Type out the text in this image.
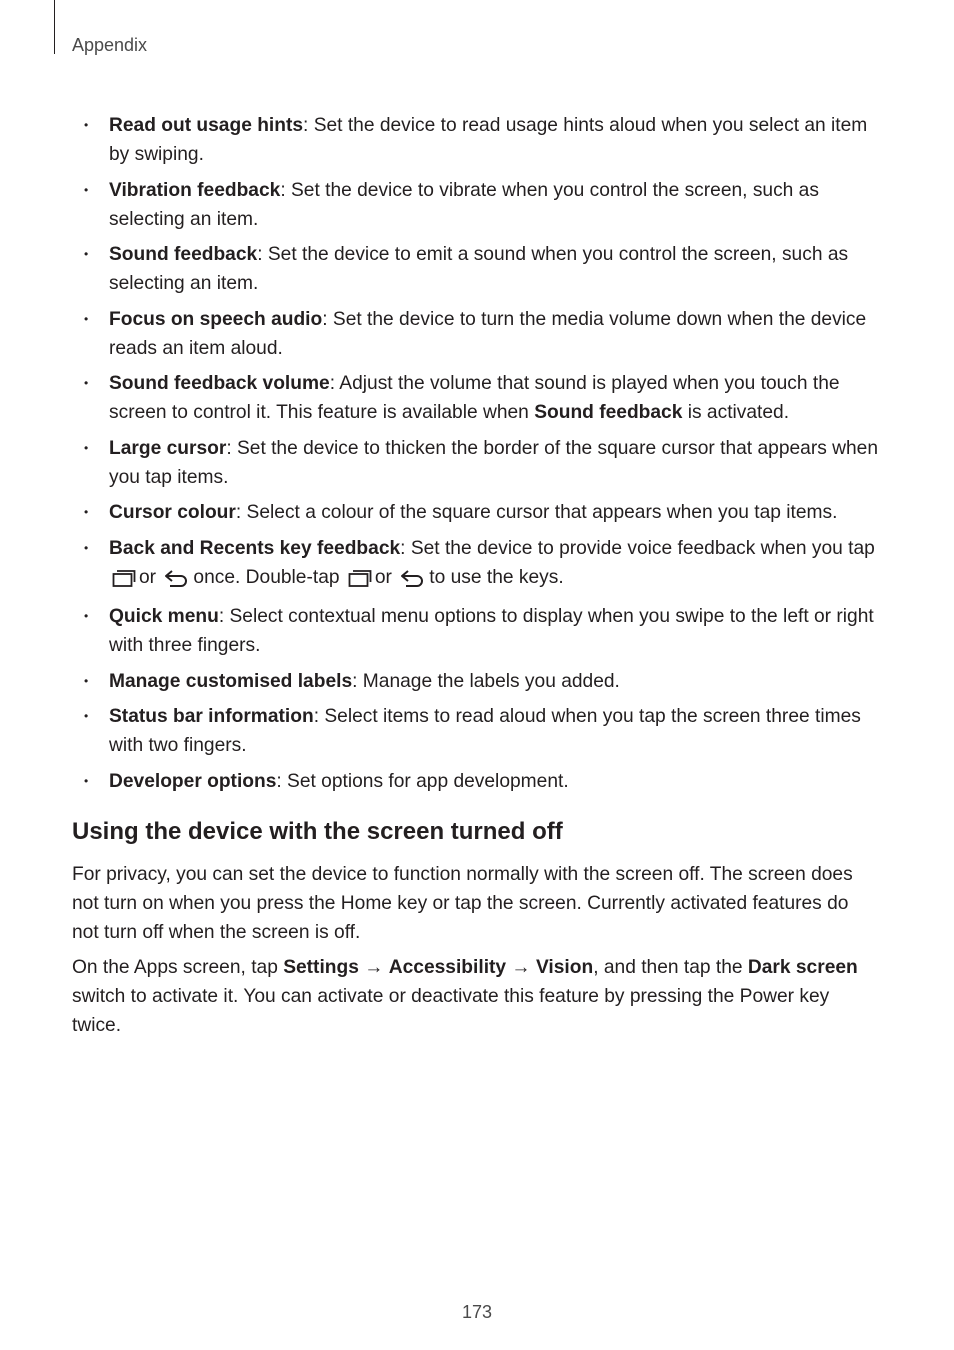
Appendix
• Read out usage hints: Set the device to read usage hints aloud when you select an item by swiping.
• Vibration feedback: Set the device to vibrate when you control the screen, such as selecting an item.
• Sound feedback: Set the device to emit a sound when you control the screen, such as selecting an item.
• Focus on speech audio: Set the device to turn the media volume down when the device reads an item aloud.
• Sound feedback volume: Adjust the volume that sound is played when you touch the screen to control it. This feature is available when Sound feedback is activated.
• Large cursor: Set the device to thicken the border of the square cursor that appears when you tap items.
• Cursor colour: Select a colour of the square cursor that appears when you tap items.
• Back and Recents key feedback: Set the device to provide voice feedback when you tap or once. Double-tap or to use the keys.
• Quick menu: Select contextual menu options to display when you swipe to the left or right with three fingers.
• Manage customised labels: Manage the labels you added.
• Status bar information: Select items to read aloud when you tap the screen three times with two fingers.
• Developer options: Set options for app development.
Using the device with the screen turned off

For privacy, you can set the device to function normally with the screen off. The screen does not turn on when you press the Home key or tap the screen. Currently activated features do not turn off when the screen is off.

On the Apps screen, tap Settings → Accessibility → Vision, and then tap the Dark screen switch to activate it. You can activate or deactivate this feature by pressing the Power key twice.

173
